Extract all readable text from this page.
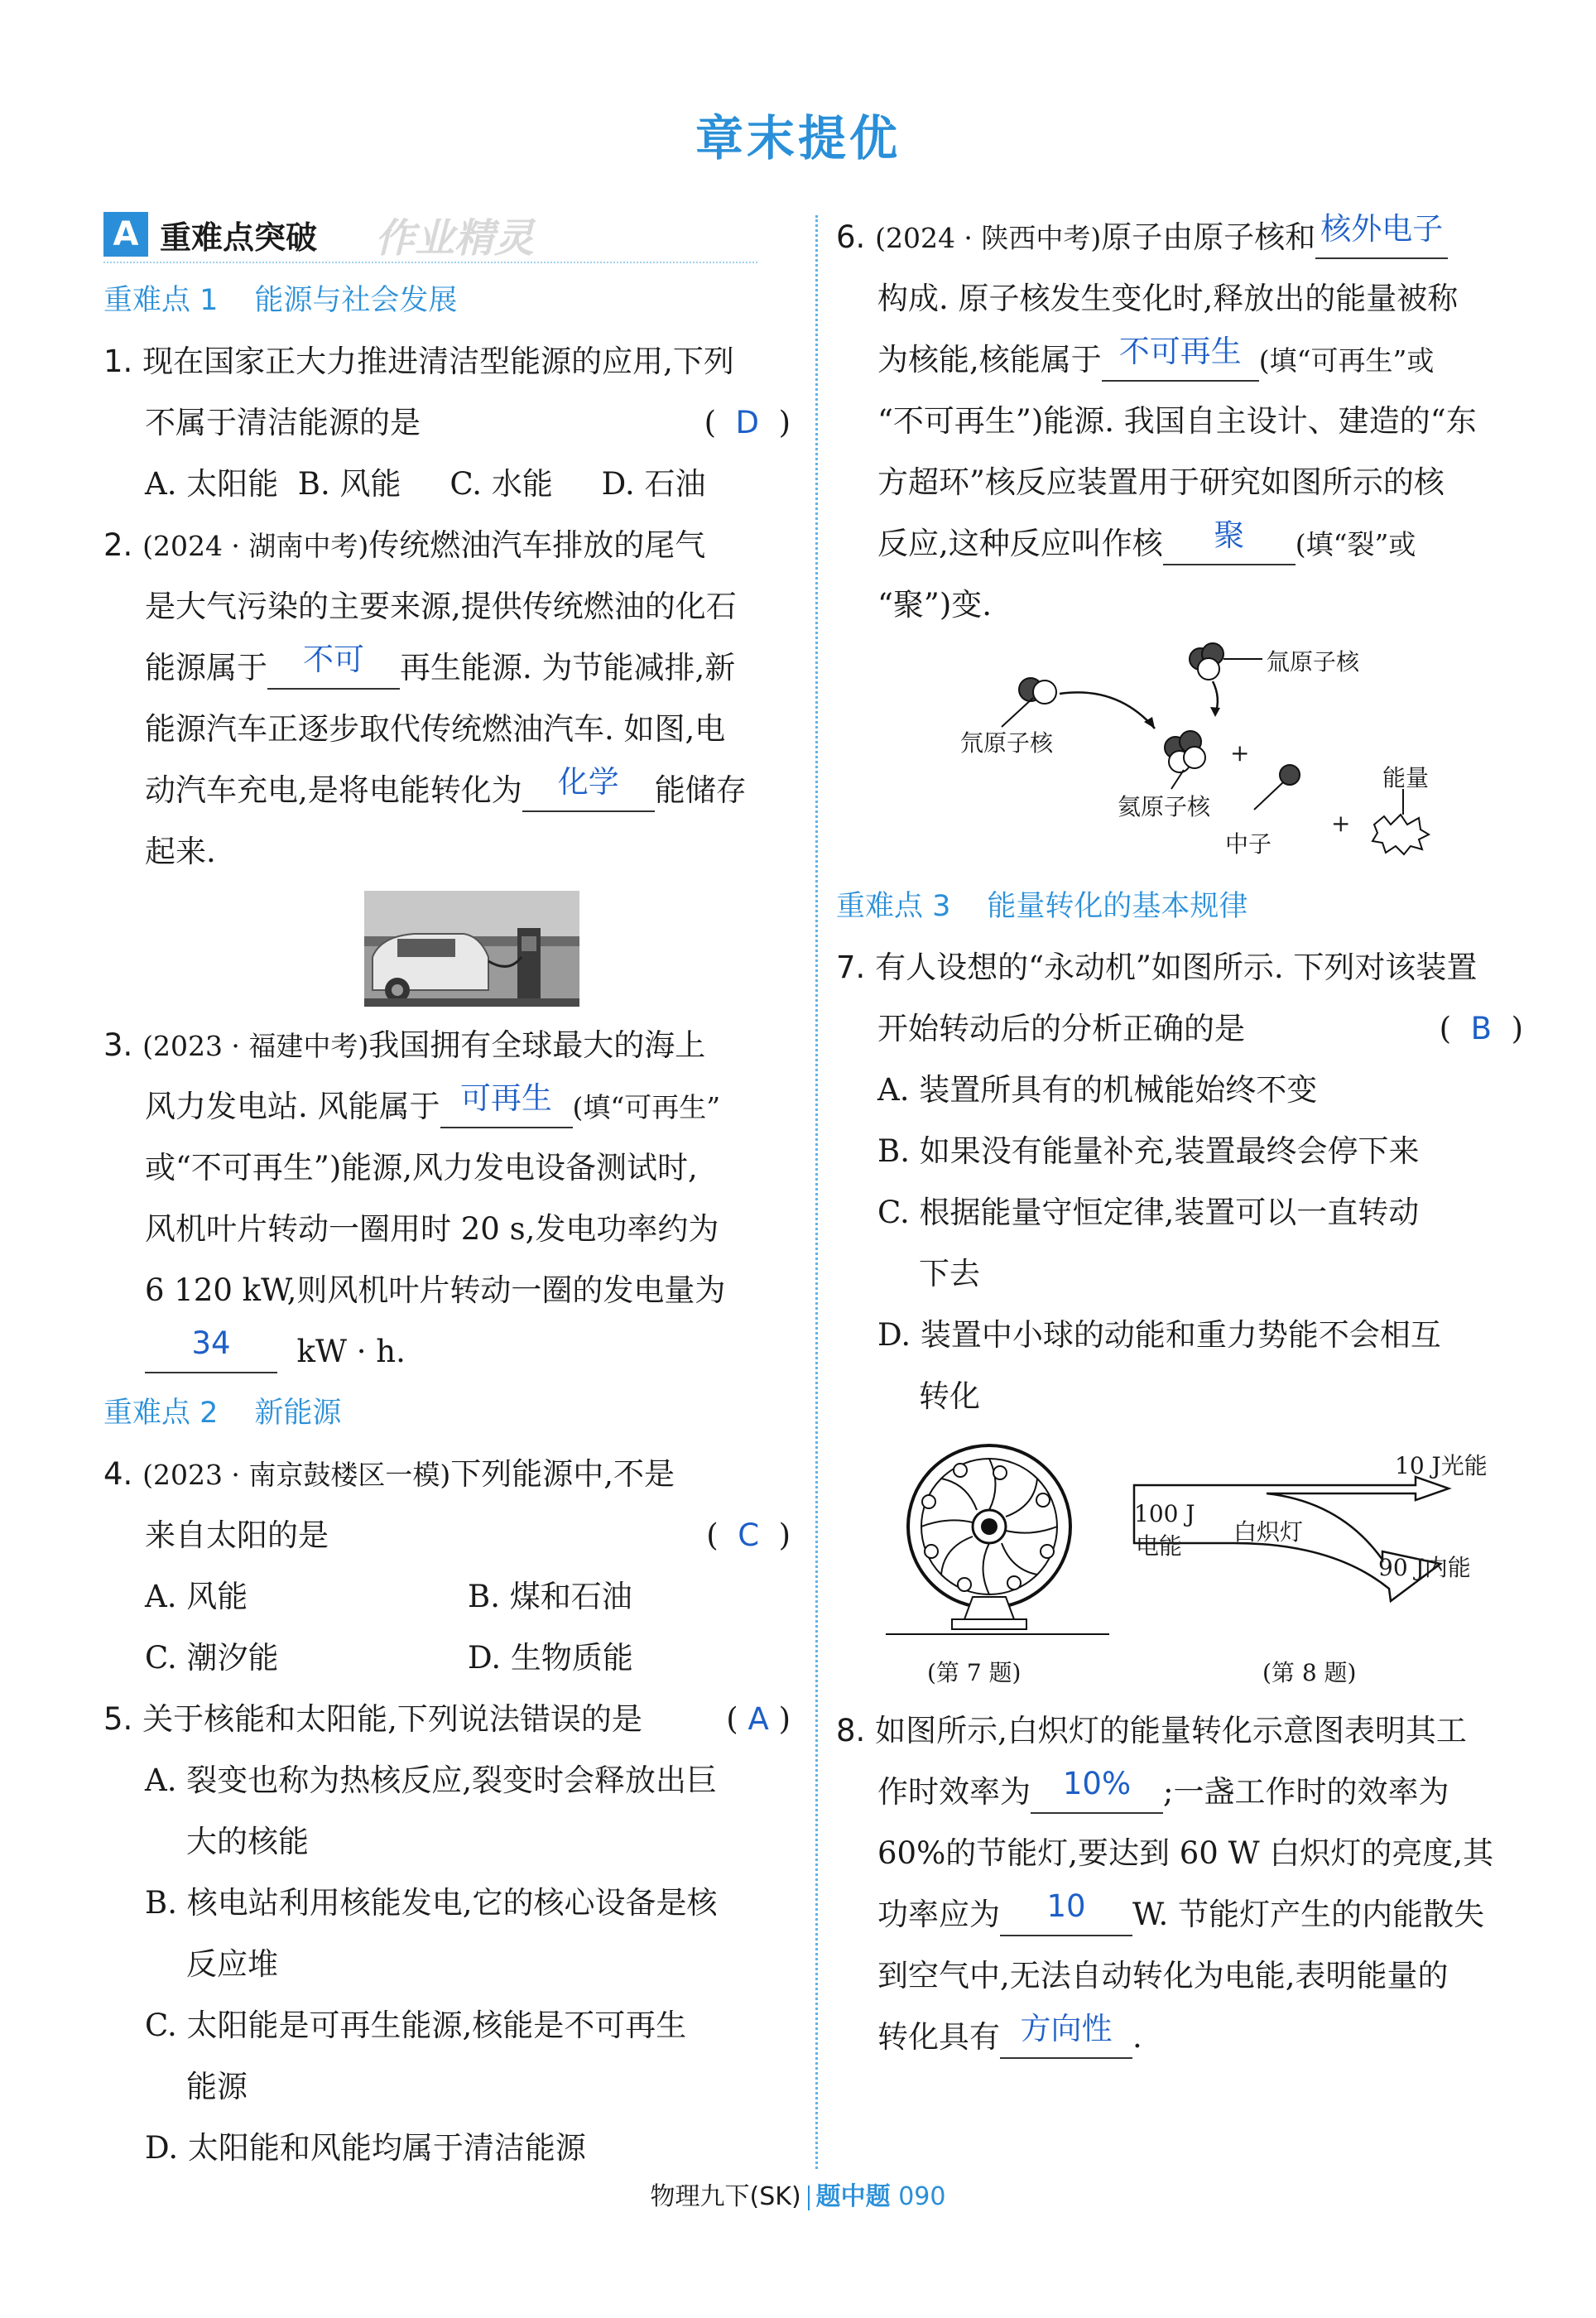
章末提优
A 重难点突破 作业精灵
重难点 1 能源与社会发展
1. 现在国家正大力推进清洁型能源的应用,下列
不属于清洁能源的是	( D )
A. 太阳能 B. 风能 C. 水能 D. 石油
2. (2024 · 湖南中考)传统燃油汽车排放的尾气
是大气污染的主要来源,提供传统燃油的化石
能源属于 不可 再生能源. 为节能减排,新
能源汽车正逐步取代传统燃油汽车. 如图,电
动汽车充电,是将电能转化为 化学 能储存
起来.
3. (2023 · 福建中考)我国拥有全球最大的海上
风力发电站. 风能属于 可再生 (填“可再生”
或“不可再生”)能源,风力发电设备测试时,
风机叶片转动一圈用时 20 s,发电功率约为
6 120 kW,则风机叶片转动一圈的发电量为
34 kW · h.
重难点 2 新能源
4. (2023 · 南京鼓楼区一模)下列能源中,不是
来自太阳的是	( C )
A. 风能	B. 煤和石油
C. 潮汐能	D. 生物质能
5. 关于核能和太阳能,下列说法错误的是	( A )
A. 裂变也称为热核反应,裂变时会释放出巨
大的核能
B. 核电站利用核能发电,它的核心设备是核
反应堆
C. 太阳能是可再生能源,核能是不可再生
能源
D. 太阳能和风能均属于清洁能源
6. (2024 · 陕西中考)原子由原子核和 核外电子
构成. 原子核发生变化时,释放出的能量被称
为核能,核能属于 不可再生 (填“可再生”或
“不可再生”)能源. 我国自主设计、建造的“东
方超环”核反应装置用于研究如图所示的核
反应,这种反应叫作核 聚 (填“裂”或
“聚”)变.
氚原子核
氘原子核
氦原子核
中子
能量
+
+
重难点 3 能量转化的基本规律
7. 有人设想的“永动机”如图所示. 下列对该装置
开始转动后的分析正确的是	( B )
A. 装置所具有的机械能始终不变
B. 如果没有能量补充,装置最终会停下来
C. 根据能量守恒定律,装置可以一直转动
下去
D. 装置中小球的动能和重力势能不会相互
转化
100 J
电能
白炽灯
10 J光能
90 J内能
(第 7 题)	(第 8 题)
8. 如图所示,白炽灯的能量转化示意图表明其工
作时效率为 10% ;一盏工作时的效率为
60%的节能灯,要达到 60 W 白炽灯的亮度,其
功率应为 10 W. 节能灯产生的内能散失
到空气中,无法自动转化为电能,表明能量的
转化具有 方向性 .
物理九下(SK) 题中题 090
